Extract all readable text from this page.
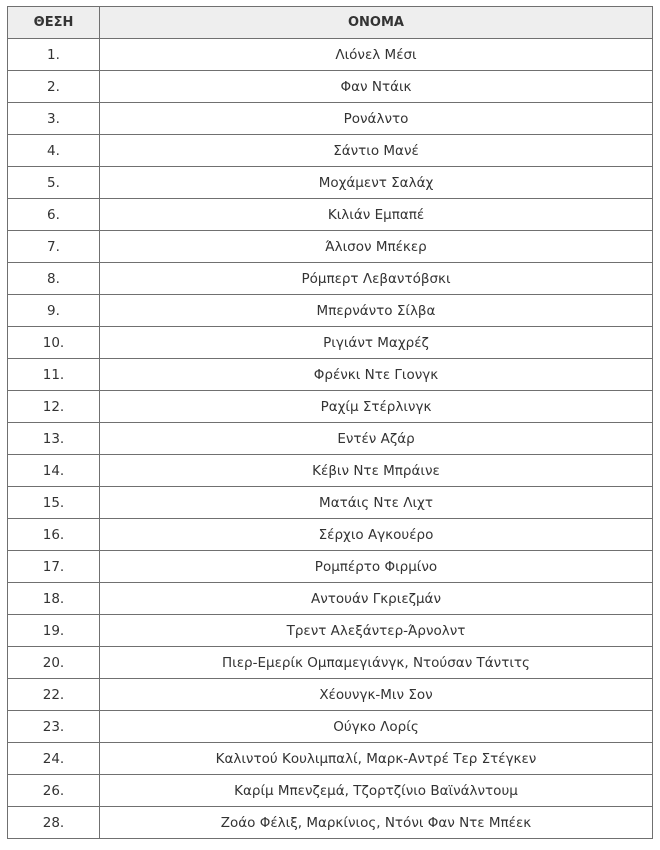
ΘΕΣΗ	ΟΝΟΜΑ
1.	Λιόνελ Μέσι
2.	Φαν Ντάικ
3.	Ρονάλντο
4.	Σάντιο Μανέ
5.	Μοχάμεντ Σαλάχ
6.	Κιλιάν Εμπαπέ
7.	Άλισον Μπέκερ
8.	Ρόμπερτ Λεβαντόβσκι
9.	Μπερνάντο Σίλβα
10.	Ριγιάντ Μαχρέζ
11.	Φρένκι Ντε Γιονγκ
12.	Ραχίμ Στέρλινγκ
13.	Εντέν Αζάρ
14.	Κέβιν Ντε Μπράινε
15.	Ματάις Ντε Λιχτ
16.	Σέρχιο Αγκουέρο
17.	Ρομπέρτο Φιρμίνο
18.	Αντουάν Γκριεζμάν
19.	Τρεντ Αλεξάντερ-Άρνολντ
20.	Πιερ-Εμερίκ Ομπαμεγιάνγκ, Ντούσαν Τάντιτς
22.	Χέουνγκ-Μιν Σον
23.	Ούγκο Λορίς
24.	Καλιντού Κουλιμπαλί, Μαρκ-Αντρέ Τερ Στέγκεν
26.	Καρίμ Μπενζεμά, Τζορτζίνιο Βαϊνάλντουμ
28.	Ζοάο Φέλιξ, Μαρκίνιος, Ντόνι Φαν Ντε Μπέεκ
